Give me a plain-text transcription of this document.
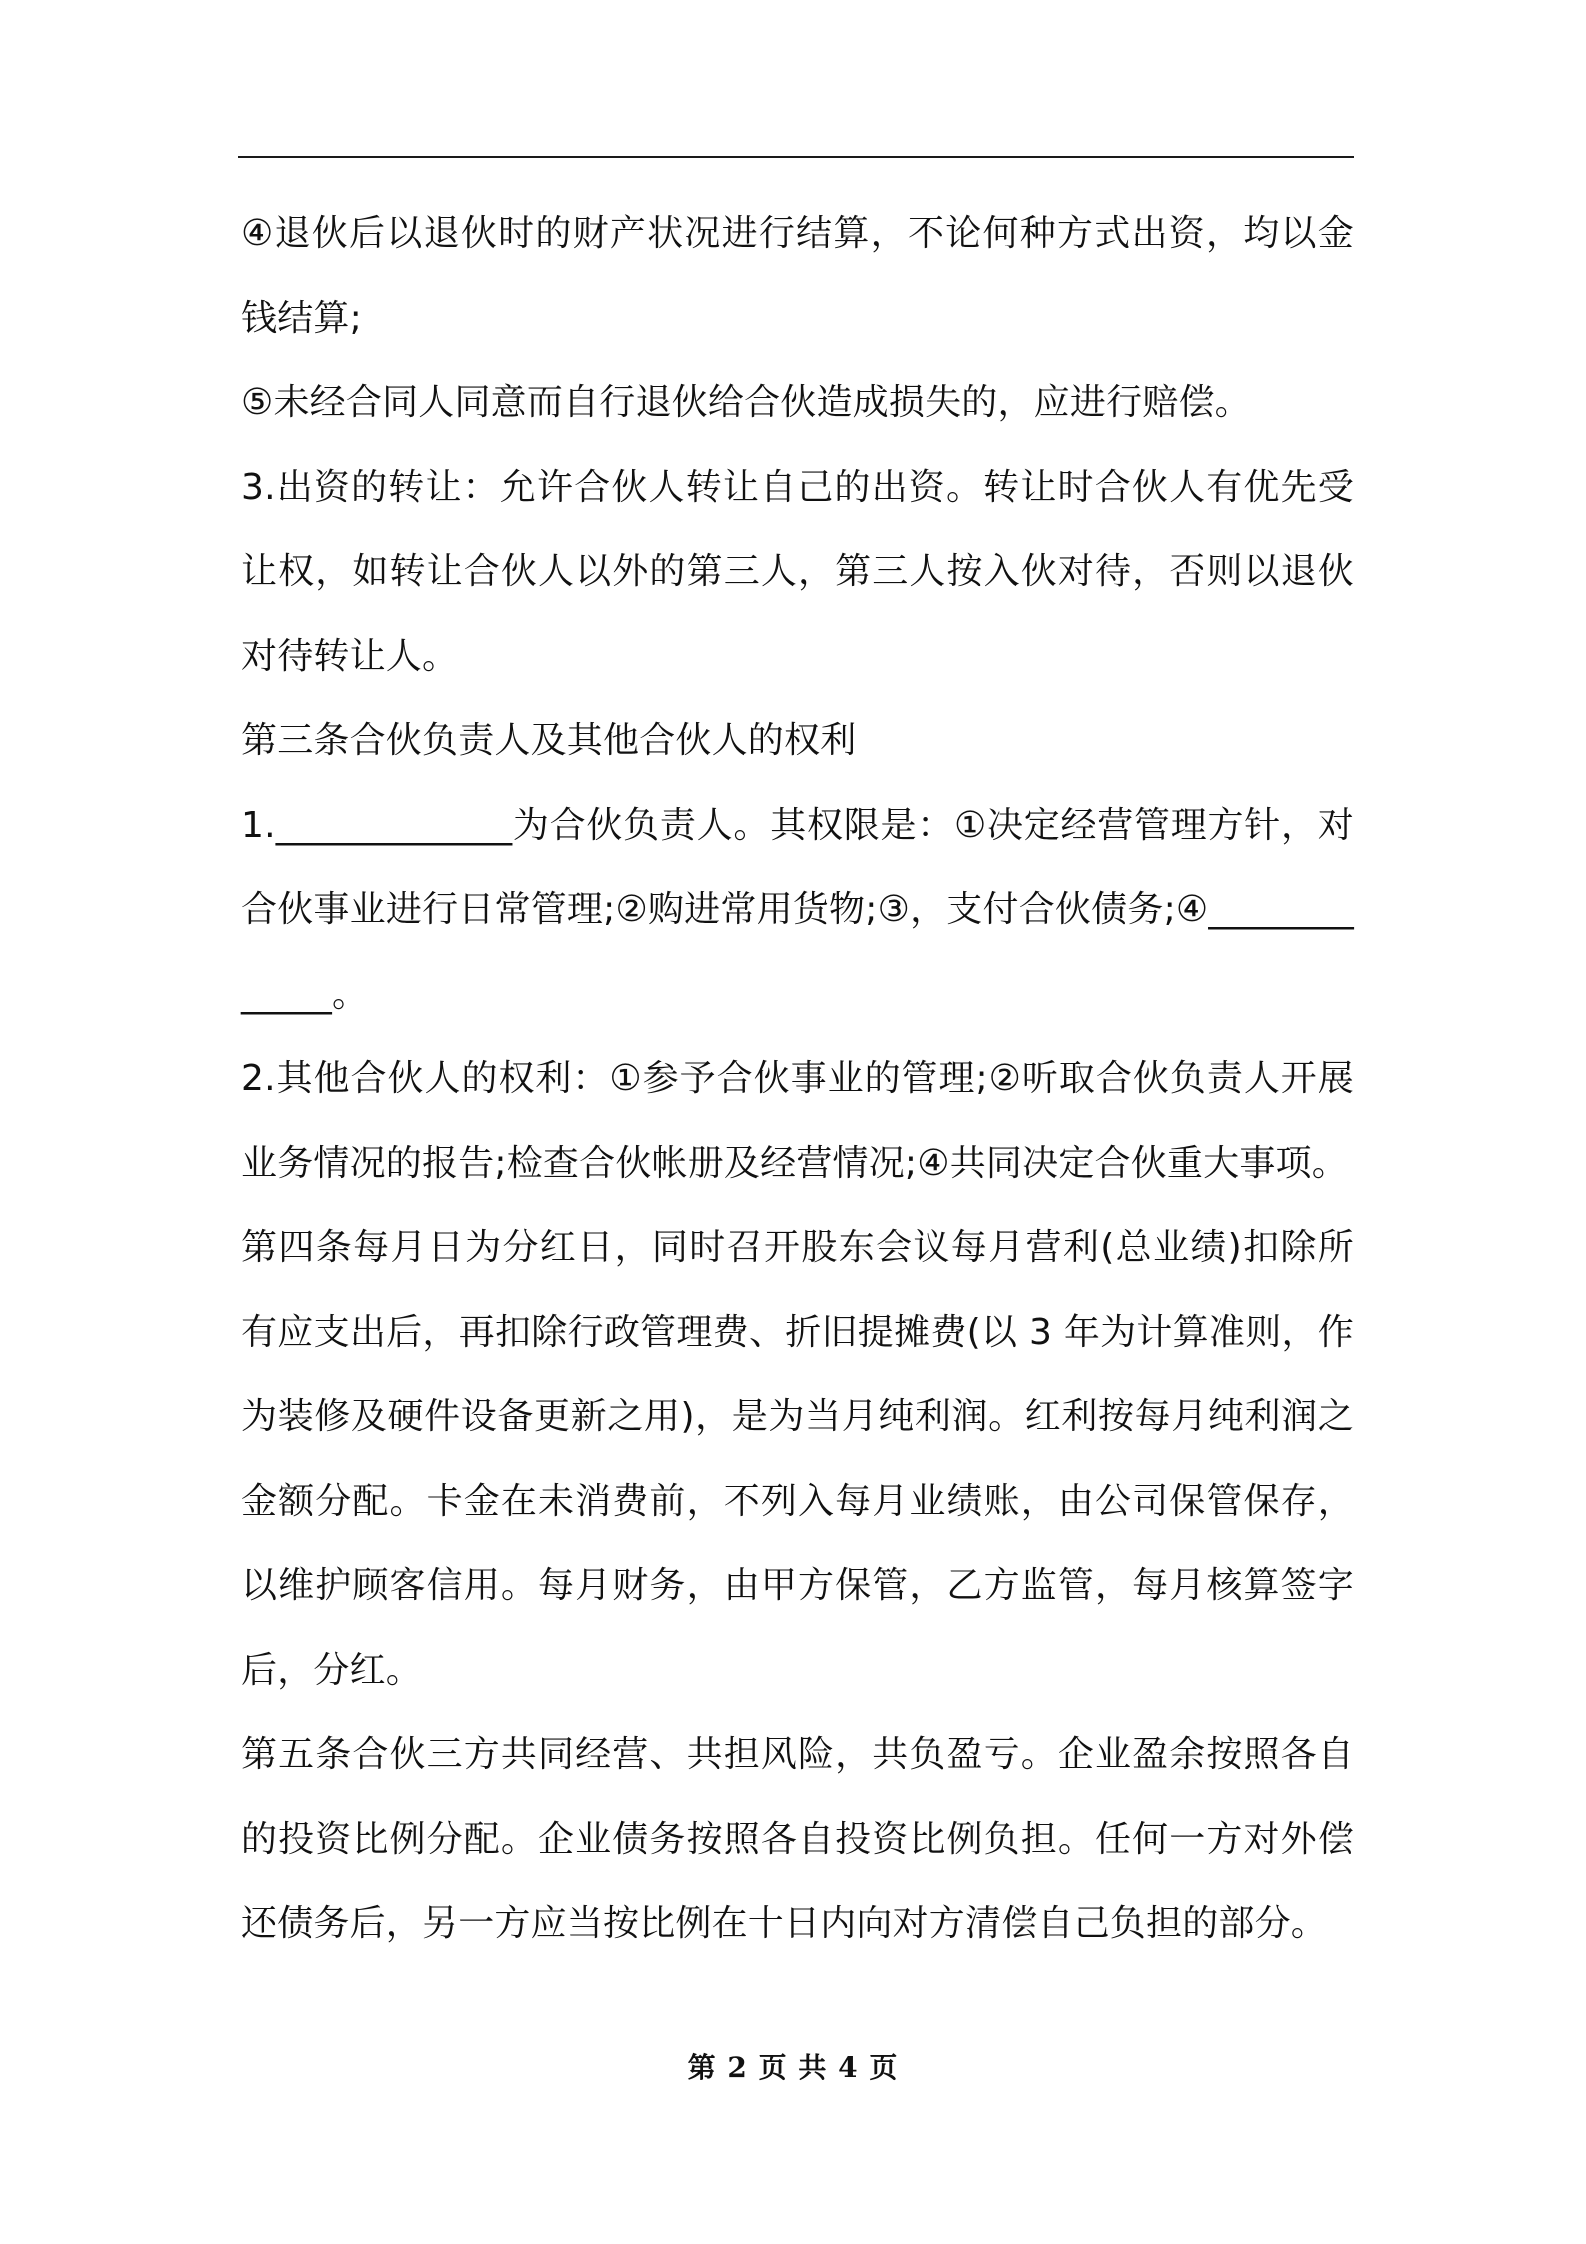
④退伙后以退伙时的财产状况进行结算，不论何种方式出资，均以金钱结算;

⑤未经合同人同意而自行退伙给合伙造成损失的，应进行赔偿。

3.出资的转让：允许合伙人转让自己的出资。转让时合伙人有优先受让权，如转让合伙人以外的第三人，第三人按入伙对待，否则以退伙对待转让人。

第三条合伙负责人及其他合伙人的权利

1._____________为合伙负责人。其权限是：①决定经营管理方针，对合伙事业进行日常管理;②购进常用货物;③，支付合伙债务;④_____________。

2.其他合伙人的权利：①参予合伙事业的管理;②听取合伙负责人开展业务情况的报告;检查合伙帐册及经营情况;④共同决定合伙重大事项。

第四条每月日为分红日，同时召开股东会议每月营利(总业绩)扣除所有应支出后，再扣除行政管理费、折旧提摊费(以 3 年为计算准则，作为装修及硬件设备更新之用)，是为当月纯利润。红利按每月纯利润之金额分配。卡金在未消费前，不列入每月业绩账，由公司保管保存，以维护顾客信用。每月财务，由甲方保管，乙方监管，每月核算签字后，分红。

第五条合伙三方共同经营、共担风险，共负盈亏。企业盈余按照各自的投资比例分配。企业债务按照各自投资比例负担。任何一方对外偿还债务后，另一方应当按比例在十日内向对方清偿自己负担的部分。

第 2 页 共 4 页
